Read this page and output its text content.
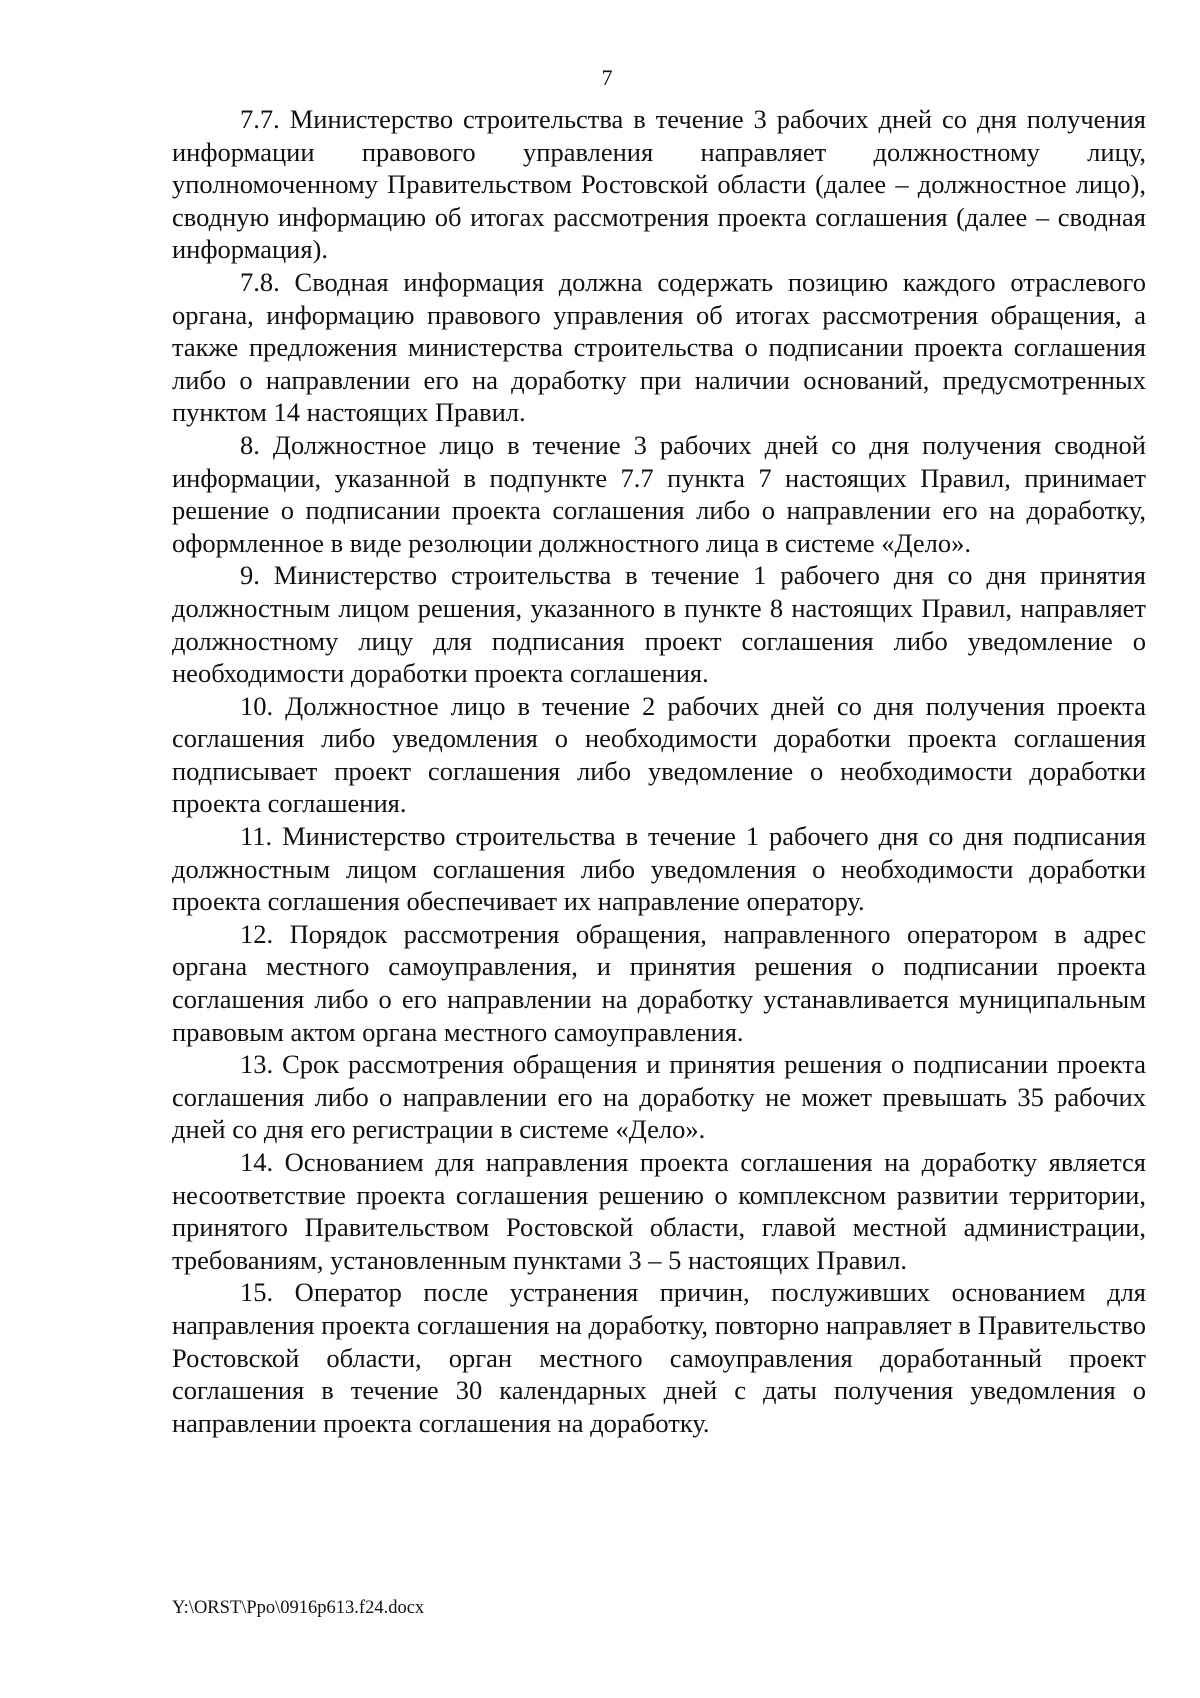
7

7.7. Министерство строительства в течение 3 рабочих дней со дня получения информации правового управления направляет должностному лицу, уполномоченному Правительством Ростовской области (далее – должностное лицо), сводную информацию об итогах рассмотрения проекта соглашения (далее – сводная информация).

7.8. Сводная информация должна содержать позицию каждого отраслевого органа, информацию правового управления об итогах рассмотрения обращения, а также предложения министерства строительства о подписании проекта соглашения либо о направлении его на доработку при наличии оснований, предусмотренных пунктом 14 настоящих Правил.

8. Должностное лицо в течение 3 рабочих дней со дня получения сводной информации, указанной в подпункте 7.7 пункта 7 настоящих Правил, принимает решение о подписании проекта соглашения либо о направлении его на доработку, оформленное в виде резолюции должностного лица в системе «Дело».

9. Министерство строительства в течение 1 рабочего дня со дня принятия должностным лицом решения, указанного в пункте 8 настоящих Правил, направляет должностному лицу для подписания проект соглашения либо уведомление о необходимости доработки проекта соглашения.

10. Должностное лицо в течение 2 рабочих дней со дня получения проекта соглашения либо уведомления о необходимости доработки проекта соглашения подписывает проект соглашения либо уведомление о необходимости доработки проекта соглашения.

11. Министерство строительства в течение 1 рабочего дня со дня подписания должностным лицом соглашения либо уведомления о необходимости доработки проекта соглашения обеспечивает их направление оператору.

12. Порядок рассмотрения обращения, направленного оператором в адрес органа местного самоуправления, и принятия решения о подписании проекта соглашения либо о его направлении на доработку устанавливается муниципальным правовым актом органа местного самоуправления.

13. Срок рассмотрения обращения и принятия решения о подписании проекта соглашения либо о направлении его на доработку не может превышать 35 рабочих дней со дня его регистрации в системе «Дело».

14. Основанием для направления проекта соглашения на доработку является несоответствие проекта соглашения решению о комплексном развитии территории, принятого Правительством Ростовской области, главой местной администрации, требованиям, установленным пунктами 3 – 5 настоящих Правил.

15. Оператор после устранения причин, послуживших основанием для направления проекта соглашения на доработку, повторно направляет в Правительство Ростовской области, орган местного самоуправления доработанный проект соглашения в течение 30 календарных дней с даты получения уведомления о направлении проекта соглашения на доработку.

Y:\ORST\Ppo\0916p613.f24.docx
